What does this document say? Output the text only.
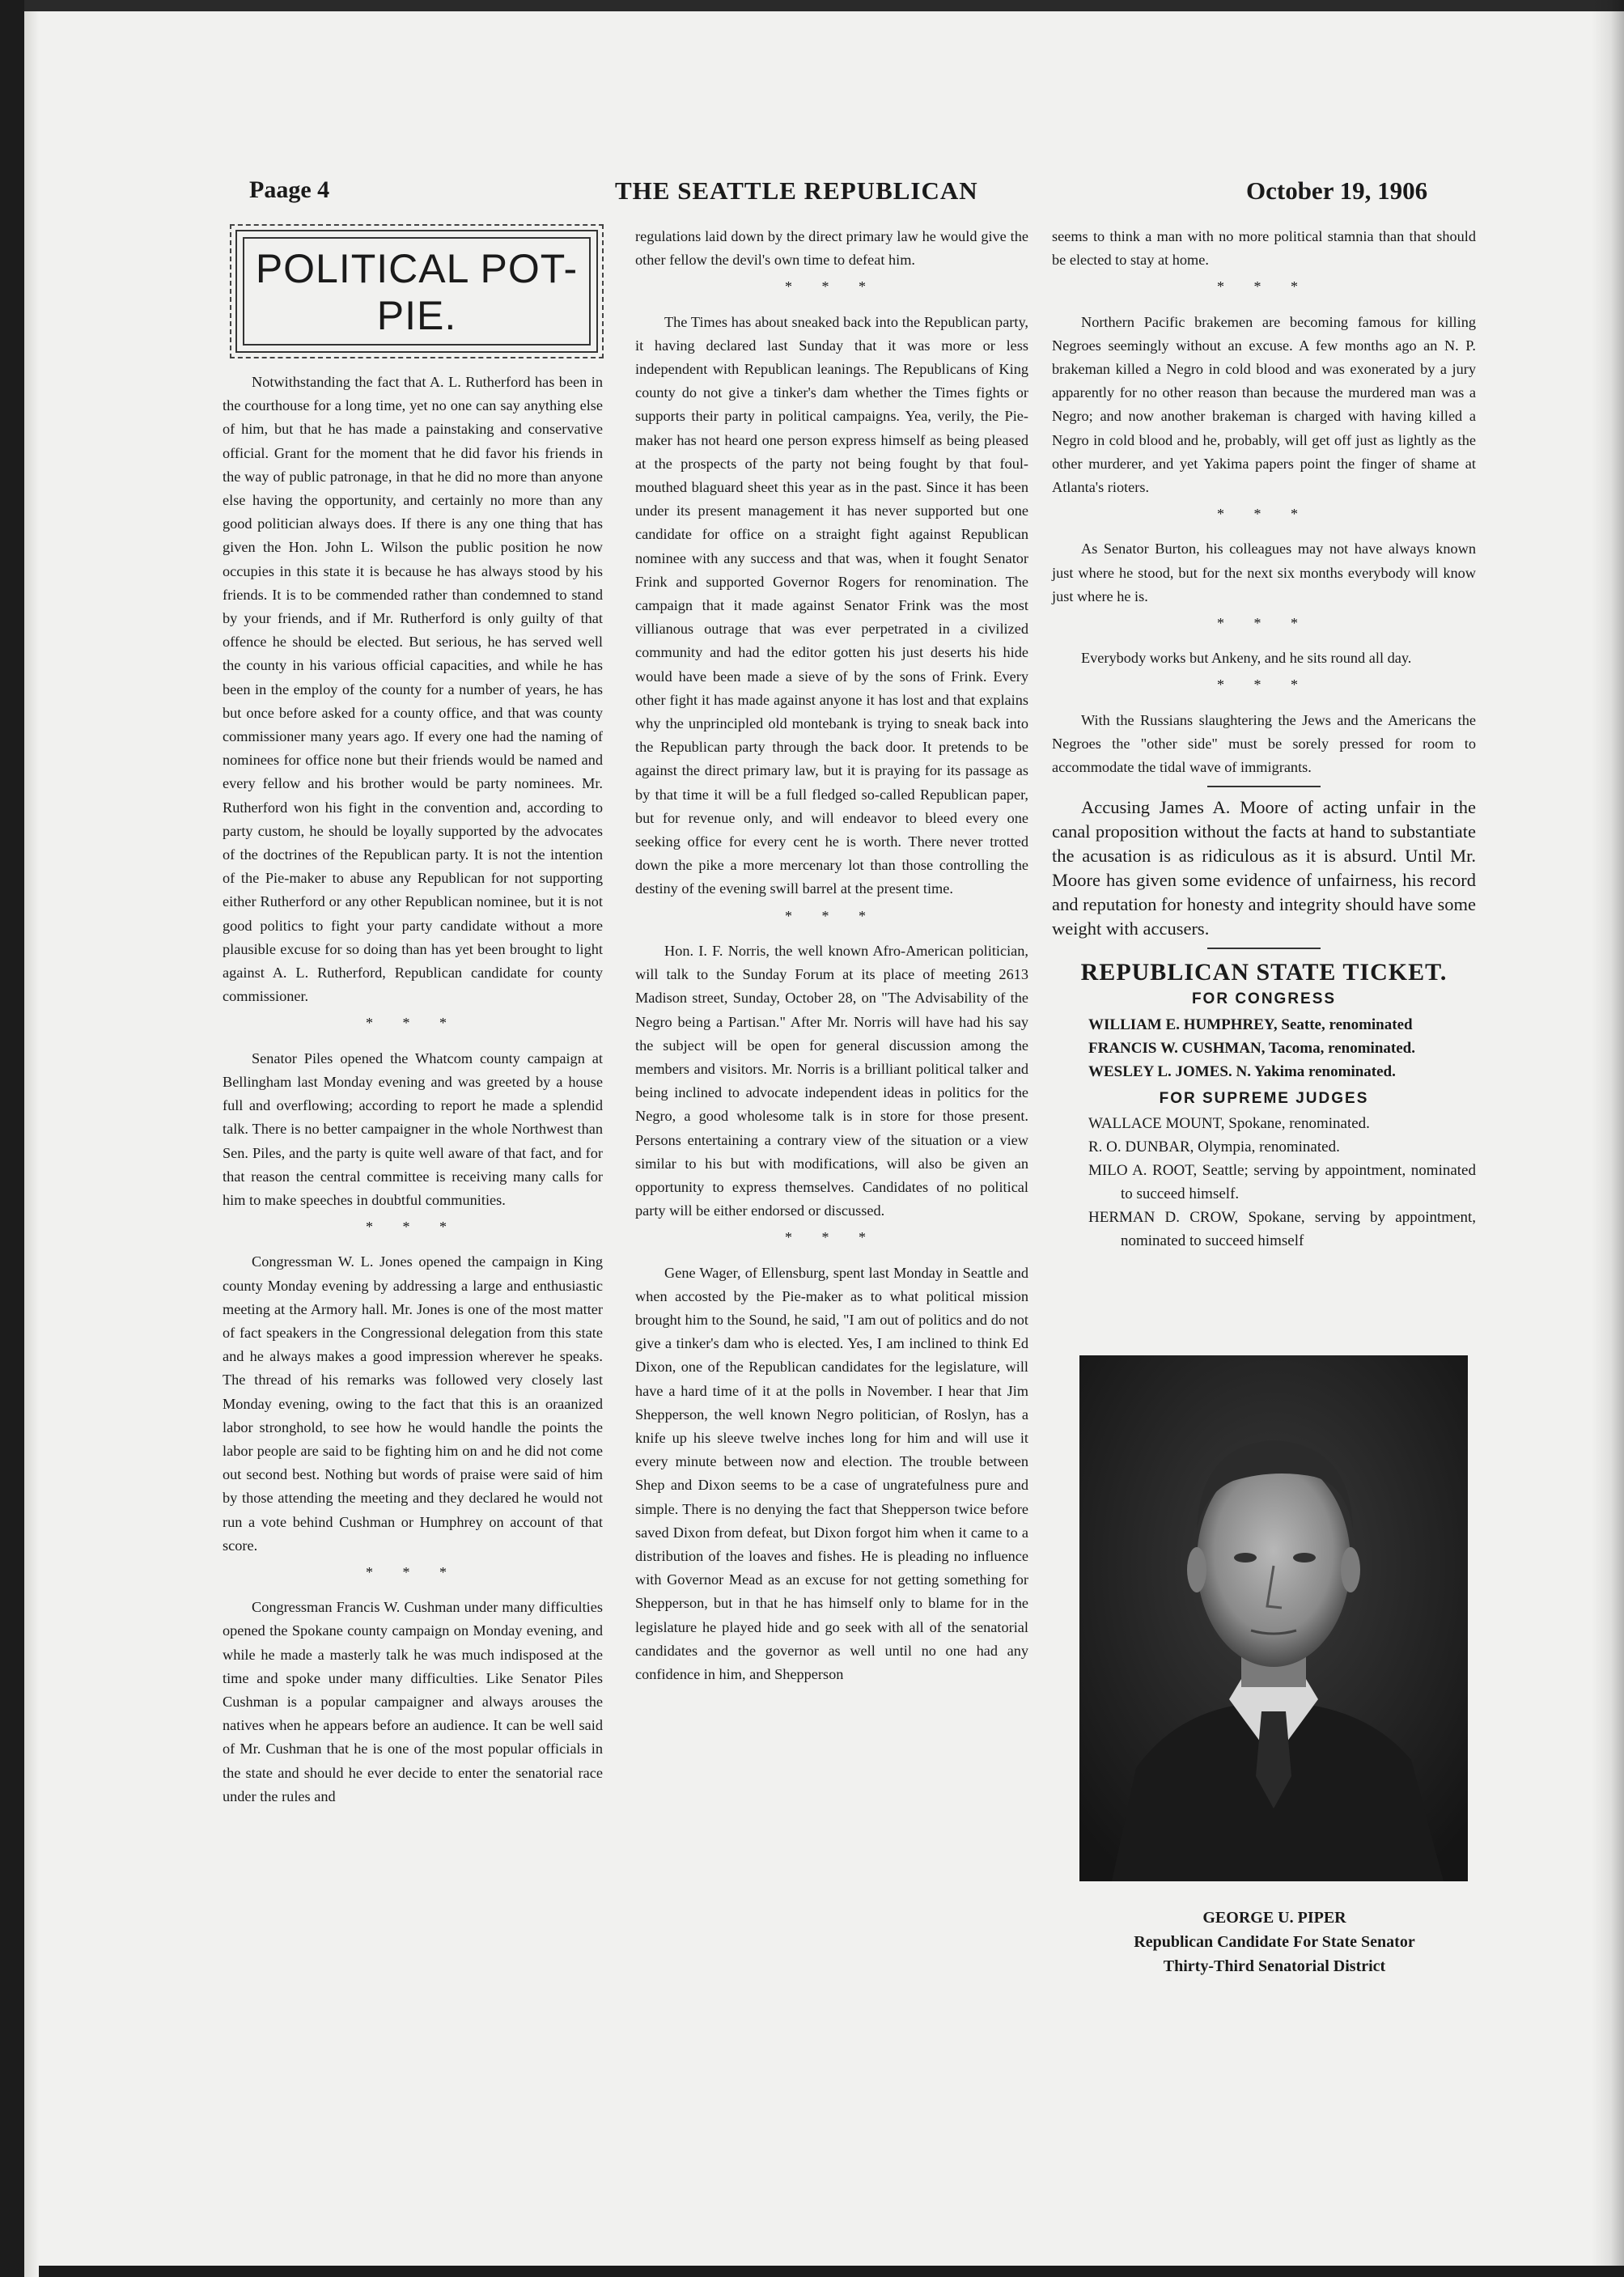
Paage 4	THE SEATTLE REPUBLICAN	October 19, 1906
POLITICAL POT-PIE.

Notwithstanding the fact that A. L. Rutherford has been in the courthouse for a long time, yet no one can say anything else of him, but that he has made a painstaking and conservative official. Grant for the moment that he did favor his friends in the way of public patronage, in that he did no more than anyone else having the opportunity, and certainly no more than any good politician always does. If there is any one thing that has given the Hon. John L. Wilson the public position he now occupies in this state it is because he has always stood by his friends. It is to be commended rather than condemned to stand by your friends, and if Mr. Rutherford is only guilty of that offence he should be elected. But serious, he has served well the county in his various official capacities, and while he has been in the employ of the county for a number of years, he has but once before asked for a county office, and that was county commissioner many years ago. If every one had the naming of nominees for office none but their friends would be named and every fellow and his brother would be party nominees. Mr. Rutherford won his fight in the convention and, according to party custom, he should be loyally supported by the advocates of the doctrines of the Republican party. It is not the intention of the Pie-maker to abuse any Republican for not supporting either Rutherford or any other Republican nominee, but it is not good politics to fight your party candidate without a more plausible excuse for so doing than has yet been brought to light against A. L. Rutherford, Republican candidate for county commissioner.

* * *

Senator Piles opened the Whatcom county campaign at Bellingham last Monday evening and was greeted by a house full and overflowing; according to report he made a splendid talk. There is no better campaigner in the whole Northwest than Sen. Piles, and the party is quite well aware of that fact, and for that reason the central committee is receiving many calls for him to make speeches in doubtful communities.

* * *

Congressman W. L. Jones opened the campaign in King county Monday evening by addressing a large and enthusiastic meeting at the Armory hall. Mr. Jones is one of the most matter of fact speakers in the Congressional delegation from this state and he always makes a good impression wherever he speaks. The thread of his remarks was followed very closely last Monday evening, owing to the fact that this is an oraanized labor stronghold, to see how he would handle the points the labor people are said to be fighting him on and he did not come out second best. Nothing but words of praise were said of him by those attending the meeting and they declared he would not run a vote behind Cushman or Humphrey on account of that score.

* * *

Congressman Francis W. Cushman under many difficulties opened the Spokane county campaign on Monday evening, and while he made a masterly talk he was much indisposed at the time and spoke under many difficulties. Like Senator Piles Cushman is a popular campaigner and always arouses the natives when he appears before an audience. It can be well said of Mr. Cushman that he is one of the most popular officials in the state and should he ever decide to enter the senatorial race under the rules and

regulations laid down by the direct primary law he would give the other fellow the devil's own time to defeat him.

* * *

The Times has about sneaked back into the Republican party, it having declared last Sunday that it was more or less independent with Republican leanings. The Republicans of King county do not give a tinker's dam whether the Times fights or supports their party in political campaigns. Yea, verily, the Pie-maker has not heard one person express himself as being pleased at the prospects of the party not being fought by that foul-mouthed blaguard sheet this year as in the past. Since it has been under its present management it has never supported but one candidate for office on a straight fight against Republican nominee with any success and that was, when it fought Senator Frink and supported Governor Rogers for renomination. The campaign that it made against Senator Frink was the most villianous outrage that was ever perpetrated in a civilized community and had the editor gotten his just deserts his hide would have been made a sieve of by the sons of Frink. Every other fight it has made against anyone it has lost and that explains why the unprincipled old montebank is trying to sneak back into the Republican party through the back door. It pretends to be against the direct primary law, but it is praying for its passage as by that time it will be a full fledged so-called Republican paper, but for revenue only, and will endeavor to bleed every one seeking office for every cent he is worth. There never trotted down the pike a more mercenary lot than those controlling the destiny of the evening swill barrel at the present time.

* * *

Hon. I. F. Norris, the well known Afro-American politician, will talk to the Sunday Forum at its place of meeting 2613 Madison street, Sunday, October 28, on "The Advisability of the Negro being a Partisan." After Mr. Norris will have had his say the subject will be open for general discussion among the members and visitors. Mr. Norris is a brilliant political talker and being inclined to advocate independent ideas in politics for the Negro, a good wholesome talk is in store for those present. Persons entertaining a contrary view of the situation or a view similar to his but with modifications, will also be given an opportunity to express themselves. Candidates of no political party will be either endorsed or discussed.

* * *

Gene Wager, of Ellensburg, spent last Monday in Seattle and when accosted by the Pie-maker as to what political mission brought him to the Sound, he said, "I am out of politics and do not give a tinker's dam who is elected. Yes, I am inclined to think Ed Dixon, one of the Republican candidates for the legislature, will have a hard time of it at the polls in November. I hear that Jim Shepperson, the well known Negro politician, of Roslyn, has a knife up his sleeve twelve inches long for him and will use it every minute between now and election. The trouble between Shep and Dixon seems to be a case of ungratefulness pure and simple. There is no denying the fact that Shepperson twice before saved Dixon from defeat, but Dixon forgot him when it came to a distribution of the loaves and fishes. He is pleading no influence with Governor Mead as an excuse for not getting something for Shepperson, but in that he has himself only to blame for in the legislature he played hide and go seek with all of the senatorial candidates and the governor as well until no one had any confidence in him, and Shepperson

seems to think a man with no more political stamnia than that should be elected to stay at home.

* * *

Northern Pacific brakemen are becoming famous for killing Negroes seemingly without an excuse. A few months ago an N. P. brakeman killed a Negro in cold blood and was exonerated by a jury apparently for no other reason than because the murdered man was a Negro; and now another brakeman is charged with having killed a Negro in cold blood and he, probably, will get off just as lightly as the other murderer, and yet Yakima papers point the finger of shame at Atlanta's rioters.

* * *

As Senator Burton, his colleagues may not have always known just where he stood, but for the next six months everybody will know just where he is.

* * *

Everybody works but Ankeny, and he sits round all day.

* * *

With the Russians slaughtering the Jews and the Americans the Negroes the "other side" must be sorely pressed for room to accommodate the tidal wave of immigrants.

Accusing James A. Moore of acting unfair in the canal proposition without the facts at hand to substantiate the acusation is as ridiculous as it is absurd. Until Mr. Moore has given some evidence of unfairness, his record and reputation for honesty and integrity should have some weight with accusers.

REPUBLICAN STATE TICKET.
FOR CONGRESS
WILLIAM E. HUMPHREY, Seatte, renominated
FRANCIS W. CUSHMAN, Tacoma, renominated.
WESLEY L. JOMES. N. Yakima renominated.
FOR SUPREME JUDGES
WALLACE MOUNT, Spokane, renominated.
R. O. DUNBAR, Olympia, renominated.
MILO A. ROOT, Seattle; serving by appointment, nominated to succeed himself.
HERMAN D. CROW, Spokane, serving by appointment, nominated to succeed himself
GEORGE U. PIPER
Republican Candidate For State Senator
Thirty-Third Senatorial District
